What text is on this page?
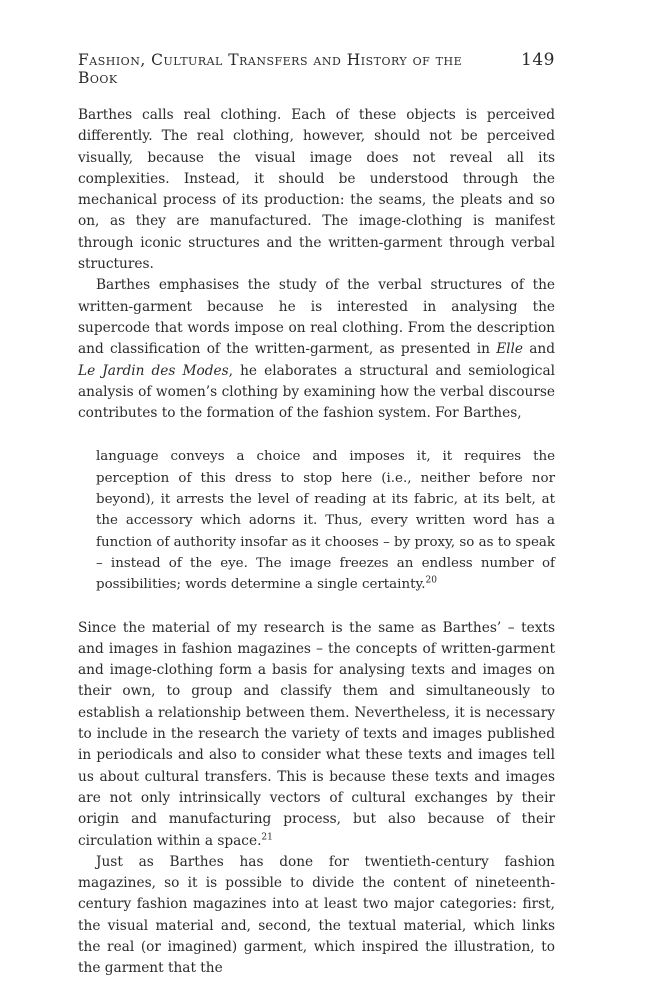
Fashion, Cultural Transfers and History of the Book
149

Barthes calls real clothing. Each of these objects is perceived differently. The real clothing, however, should not be perceived visually, because the visual image does not reveal all its complexities. Instead, it should be understood through the mechanical process of its production: the seams, the pleats and so on, as they are manufactured. The image-clothing is manifest through iconic structures and the written-garment through verbal structures.

Barthes emphasises the study of the verbal structures of the written-garment because he is interested in analysing the supercode that words impose on real clothing. From the description and classification of the written-garment, as presented in Elle and Le Jardin des Modes, he elaborates a structural and semiological analysis of women’s clothing by examining how the verbal discourse contributes to the formation of the fashion system. For Barthes,

language conveys a choice and imposes it, it requires the perception of this dress to stop here (i.e., neither before nor beyond), it arrests the level of reading at its fabric, at its belt, at the accessory which adorns it. Thus, every written word has a function of authority insofar as it chooses – by proxy, so as to speak – instead of the eye. The image freezes an endless number of possibilities; words determine a single certainty.$^{20}$

Since the material of my research is the same as Barthes’ – texts and images in fashion magazines – the concepts of written-garment and image-clothing form a basis for analysing texts and images on their own, to group and classify them and simultaneously to establish a relationship between them. Nevertheless, it is necessary to include in the research the variety of texts and images published in periodicals and also to consider what these texts and images tell us about cultural transfers. This is because these texts and images are not only intrinsically vectors of cultural exchanges by their origin and manufacturing process, but also because of their circulation within a space.$^{21}$

Just as Barthes has done for twentieth-century fashion magazines, so it is possible to divide the content of nineteenth-century fashion magazines into at least two major categories: first, the visual material and, second, the textual material, which links the real (or imagined) garment, which inspired the illustration, to the garment that the
